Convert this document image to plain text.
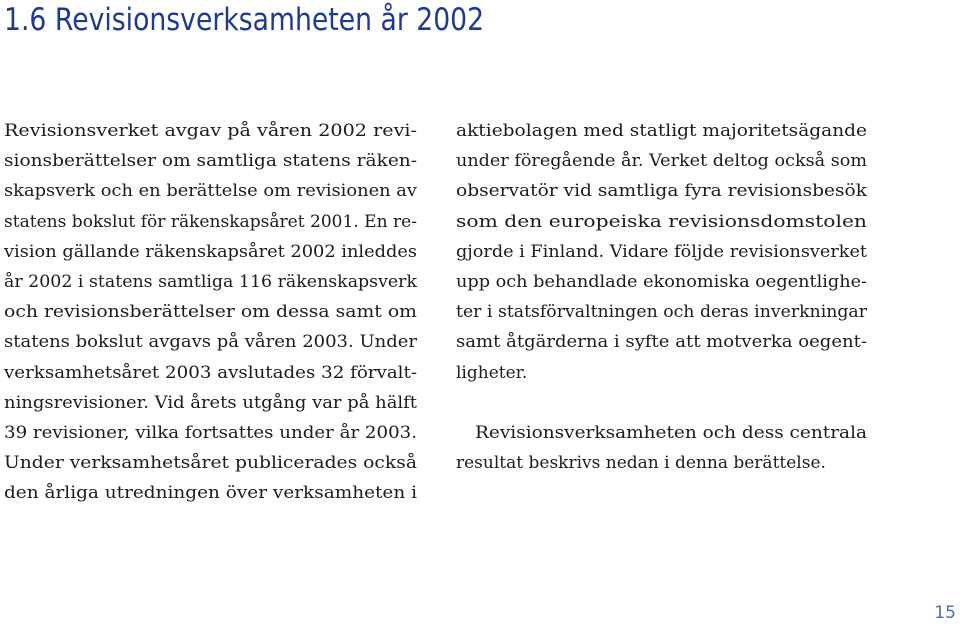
1.6 Revisionsverksamheten år 2002
Revisionsverket avgav på våren 2002 revi-
sionsberättelser om samtliga statens räken-
skapsverk och en berättelse om revisionen av
statens bokslut för räkenskapsåret 2001. En re-
vision gällande räkenskapsåret 2002 inleddes
år 2002 i statens samtliga 116 räkenskapsverk
och revisionsberättelser om dessa samt om
statens bokslut avgavs på våren 2003. Under
verksamhetsåret 2003 avslutades 32 förvalt-
ningsrevisioner. Vid årets utgång var på hälft
39 revisioner, vilka fortsattes under år 2003.
Under verksamhetsåret publicerades också
den årliga utredningen över verksamheten i
aktiebolagen med statligt majoritetsägande
under föregående år. Verket deltog också som
observatör vid samtliga fyra revisionsbesök
som den europeiska revisionsdomstolen
gjorde i Finland. Vidare följde revisionsverket
upp och behandlade ekonomiska oegentlighe-
ter i statsförvaltningen och deras inverkningar
samt åtgärderna i syfte att motverka oegent-
ligheter.
Revisionsverksamheten och dess centrala
resultat beskrivs nedan i denna berättelse.
15
